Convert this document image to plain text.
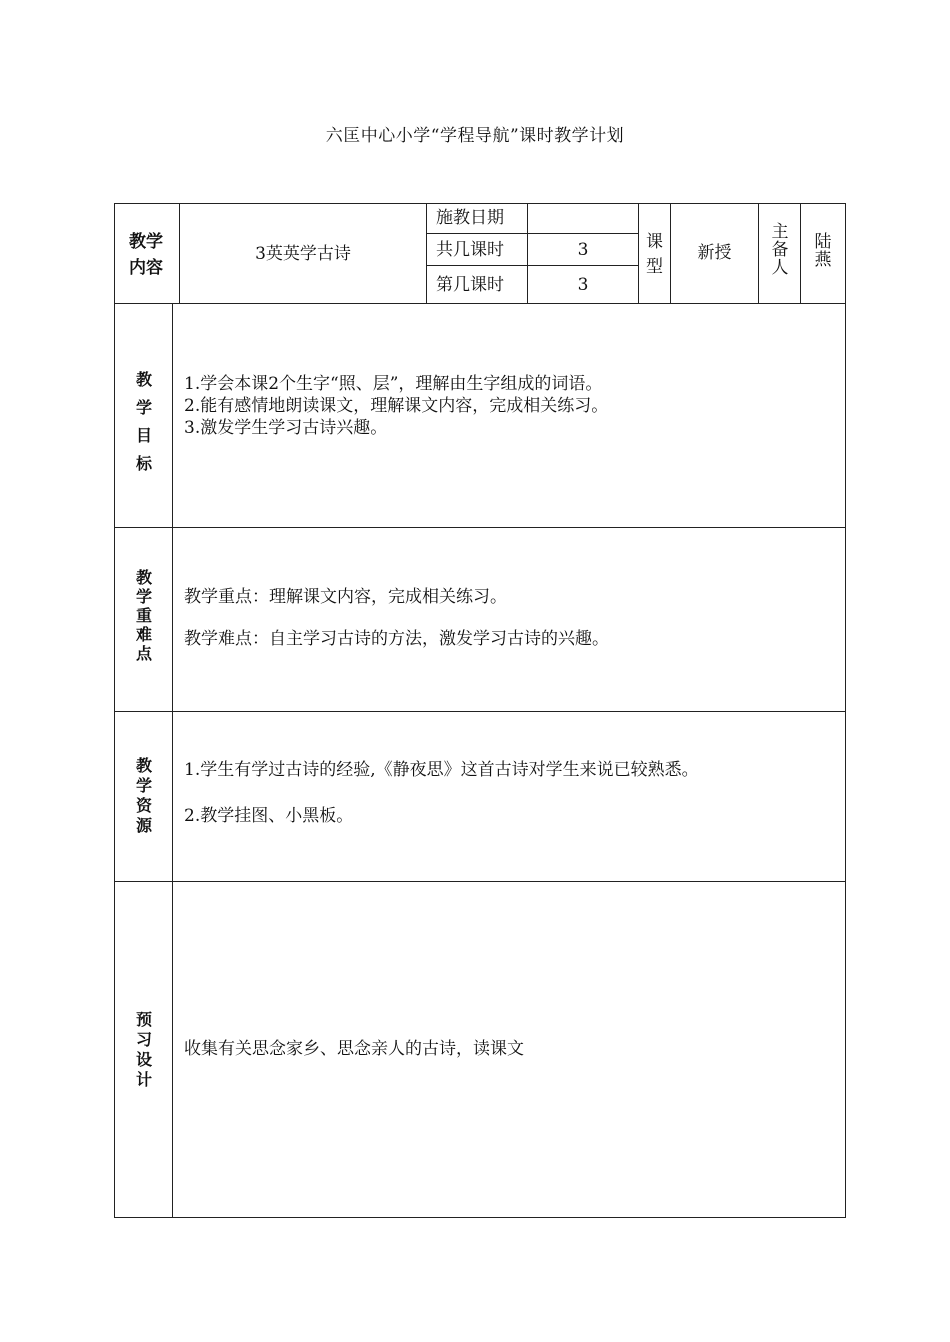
六匡中心小学“学程导航”课时教学计划
教学内容
3英英学古诗
施教日期
共几课时	3
第几课时	3
课型
新授
主备人
陆燕
教学目标
1.学会本课2个生字“照、层”，理解由生字组成的词语。
2.能有感情地朗读课文，理解课文内容，完成相关练习。
3.激发学生学习古诗兴趣。
教学重难点
教学重点：理解课文内容，完成相关练习。
教学难点：自主学习古诗的方法，激发学习古诗的兴趣。
教学资源
1.学生有学过古诗的经验,《静夜思》这首古诗对学生来说已较熟悉。
2.教学挂图、小黑板。
预习设计
收集有关思念家乡、思念亲人的古诗，读课文
